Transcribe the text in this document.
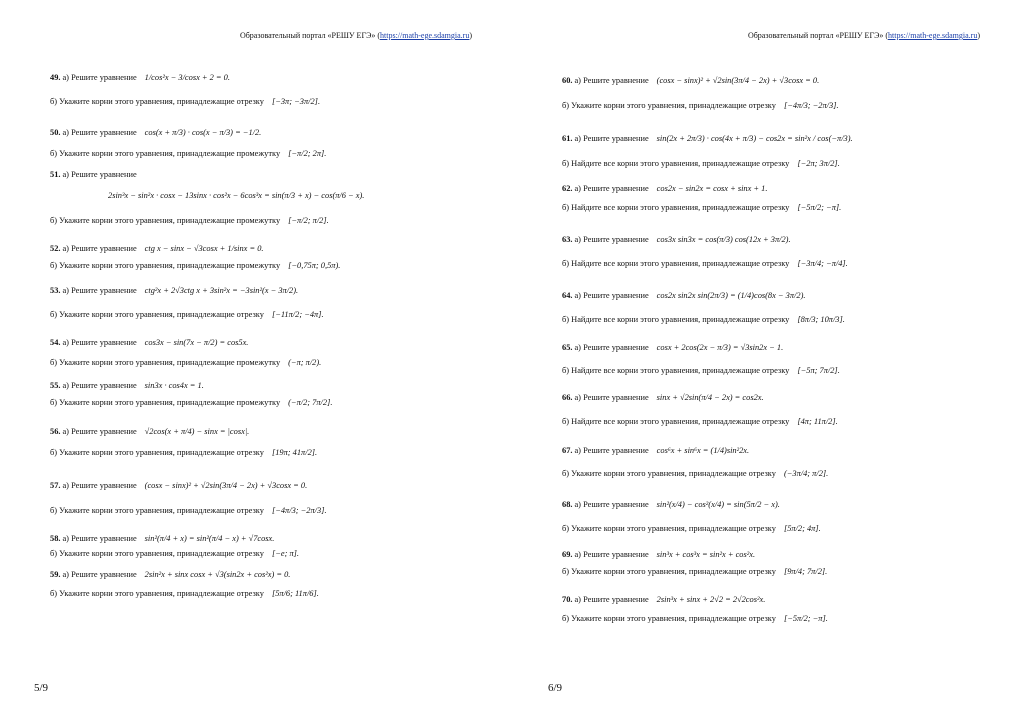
Образовательный портал «РЕШУ ЕГЭ» (https://math-ege.sdamgia.ru)
49. а) Решите уравнение 1/cos²x − 3/cosx + 2 = 0.
б) Укажите корни этого уравнения, принадлежащие отрезку [−3π; −3π/2].
50. а) Решите уравнение cos(x + π/3) · cos(x − π/3) = −1/2.
б) Укажите корни этого уравнения, принадлежащие промежутку [−π/2; 2π].
51. а) Решите уравнение
2sin³x − sin²x · cosx − 13sinx · cos²x − 6cos³x = sin(π/3 + x) − cos(π/6 − x).
б) Укажите корни этого уравнения, принадлежащие промежутку [−π/2; π/2].
52. а) Решите уравнение ctg x − sinx − √3cosx + 1/sinx = 0.
б) Укажите корни этого уравнения, принадлежащие промежутку [−0,75π; 0,5π).
53. а) Решите уравнение ctg²x + 2√3ctg x + 3sin²x = −3sin²(x − 3π/2).
б) Укажите корни этого уравнения, принадлежащие отрезку [−11π/2; −4π].
54. а) Решите уравнение cos3x − sin(7x − π/2) = cos5x.
б) Укажите корни этого уравнения, принадлежащие промежутку (−π; π/2).
55. а) Решите уравнение sin3x · cos4x = 1.
б) Укажите корни этого уравнения, принадлежащие промежутку (−π/2; 7π/2].
56. а) Решите уравнение √2cos(x + π/4) − sinx = |cosx|.
б) Укажите корни этого уравнения, принадлежащие отрезку [19π; 41π/2].
57. а) Решите уравнение (cosx − sinx)² + √2sin(3π/4 − 2x) + √3cosx = 0.
б) Укажите корни этого уравнения, принадлежащие отрезку [−4π/3; −2π/3].
58. а) Решите уравнение sin²(π/4 + x) = sin²(π/4 − x) + √7cosx.
б) Укажите корни этого уравнения, принадлежащие отрезку [−e; π].
59. а) Решите уравнение 2sin²x + sinx cosx + √3(sin2x + cos²x) = 0.
б) Укажите корни этого уравнения, принадлежащие отрезку [5π/6; 11π/6].
5/9
Образовательный портал «РЕШУ ЕГЭ» (https://math-ege.sdamgia.ru)
60. а) Решите уравнение (cosx − sinx)² + √2sin(3π/4 − 2x) + √3cosx = 0.
б) Укажите корни этого уравнения, принадлежащие отрезку [−4π/3; −2π/3].
61. а) Решите уравнение sin(2x + 2π/3) · cos(4x + π/3) − cos2x = sin²x / cos(−π/3).
б) Найдите все корни этого уравнения, принадлежащие отрезку [−2π; 3π/2].
62. а) Решите уравнение cos2x − sin2x = cosx + sinx + 1.
б) Найдите все корни этого уравнения, принадлежащие отрезку [−5π/2; −π].
63. а) Решите уравнение cos3x sin3x = cos(π/3) cos(12x + 3π/2).
б) Найдите все корни этого уравнения, принадлежащие отрезку [−3π/4; −π/4].
64. а) Решите уравнение cos2x sin2x sin(2π/3) = (1/4)cos(8x − 3π/2).
б) Найдите все корни этого уравнения, принадлежащие отрезку [8π/3; 10π/3].
65. а) Решите уравнение cosx + 2cos(2x − π/3) = √3sin2x − 1.
б) Найдите все корни этого уравнения, принадлежащие отрезку [−5π; 7π/2].
66. а) Решите уравнение sinx + √2sin(π/4 − 2x) = cos2x.
б) Найдите все корни этого уравнения, принадлежащие отрезку [4π; 11π/2].
67. а) Решите уравнение cos⁶x + sin⁶x = (1/4)sin²2x.
б) Укажите корни этого уравнения, принадлежащие отрезку (−3π/4; π/2].
68. а) Решите уравнение sin²(x/4) − cos²(x/4) = sin(5π/2 − x).
б) Укажите корни этого уравнения, принадлежащие отрезку [5π/2; 4π].
69. а) Решите уравнение sin³x + cos³x = sin²x + cos²x.
б) Укажите корни этого уравнения, принадлежащие отрезку [9π/4; 7π/2].
70. а) Решите уравнение 2sin³x + sinx + 2√2 = 2√2cos²x.
б) Укажите корни этого уравнения, принадлежащие отрезку [−5π/2; −π].
6/9
